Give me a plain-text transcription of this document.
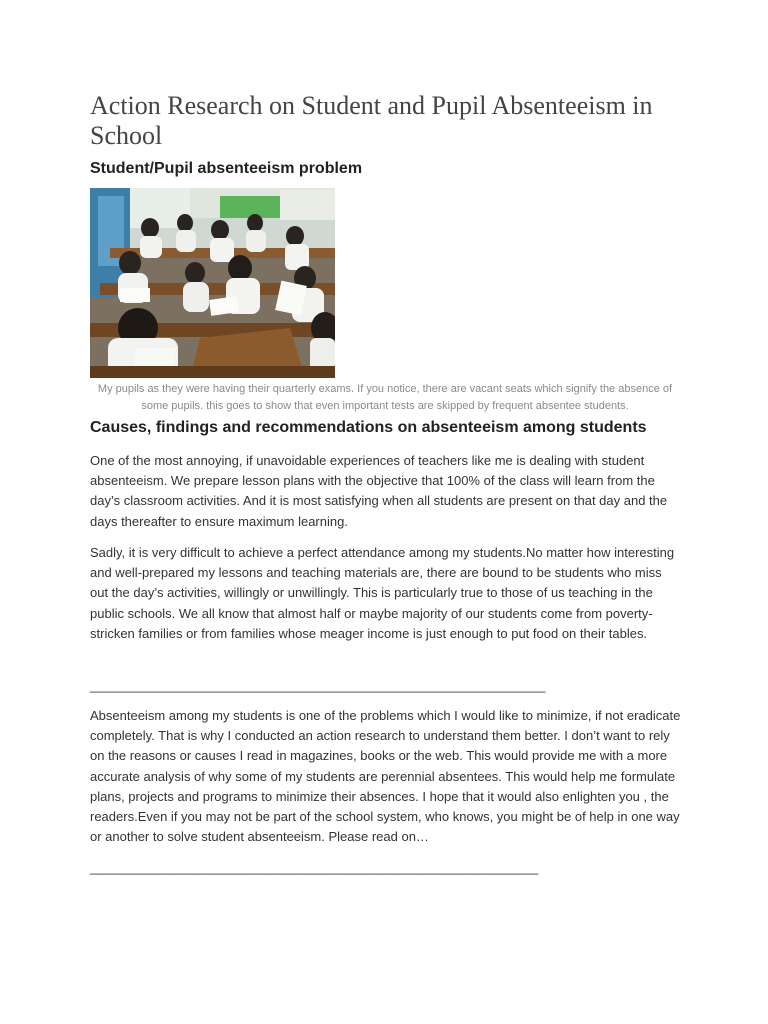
Action Research on Student and Pupil Absenteeism in School
Student/Pupil absenteeism problem

My pupils as they were having their quarterly exams. If you notice, there are vacant seats which signify the absence of some pupils. this goes to show that even important tests are skipped by frequent absentee students.

Causes, findings and recommendations on absenteeism among students

One of the most annoying, if unavoidable experiences of teachers like me is dealing with student absenteeism. We prepare lesson plans with the objective that 100% of the class will learn from the day’s classroom activities. And it is most satisfying when all students are present on that day and the days thereafter to ensure maximum learning.

Sadly, it is very difficult to achieve a perfect attendance among my students.No matter how interesting and well-prepared my lessons and teaching materials are, there are bound to be students who miss out the day’s activities, willingly or unwillingly. This is particularly true to those of us teaching in the public schools. We all know that almost half or maybe majority of our students come from poverty-stricken families or from families whose meager income is just enough to put food on their tables.

_______________________________________________________________

Absenteeism among my students is one of the problems which I would like to minimize, if not eradicate completely. That is why I conducted an action research to understand them better. I don’t want to rely on the reasons or causes I read in magazines, books or the web. This would provide me with a more accurate analysis of why some of my students are perennial absentees. This would help me formulate plans, projects and programs to minimize their absences. I hope that it would also enlighten you , the readers.Even if you may not be part of the school system, who knows, you might be of help in one way or another to solve student absenteeism. Please read on…

______________________________________________________________
